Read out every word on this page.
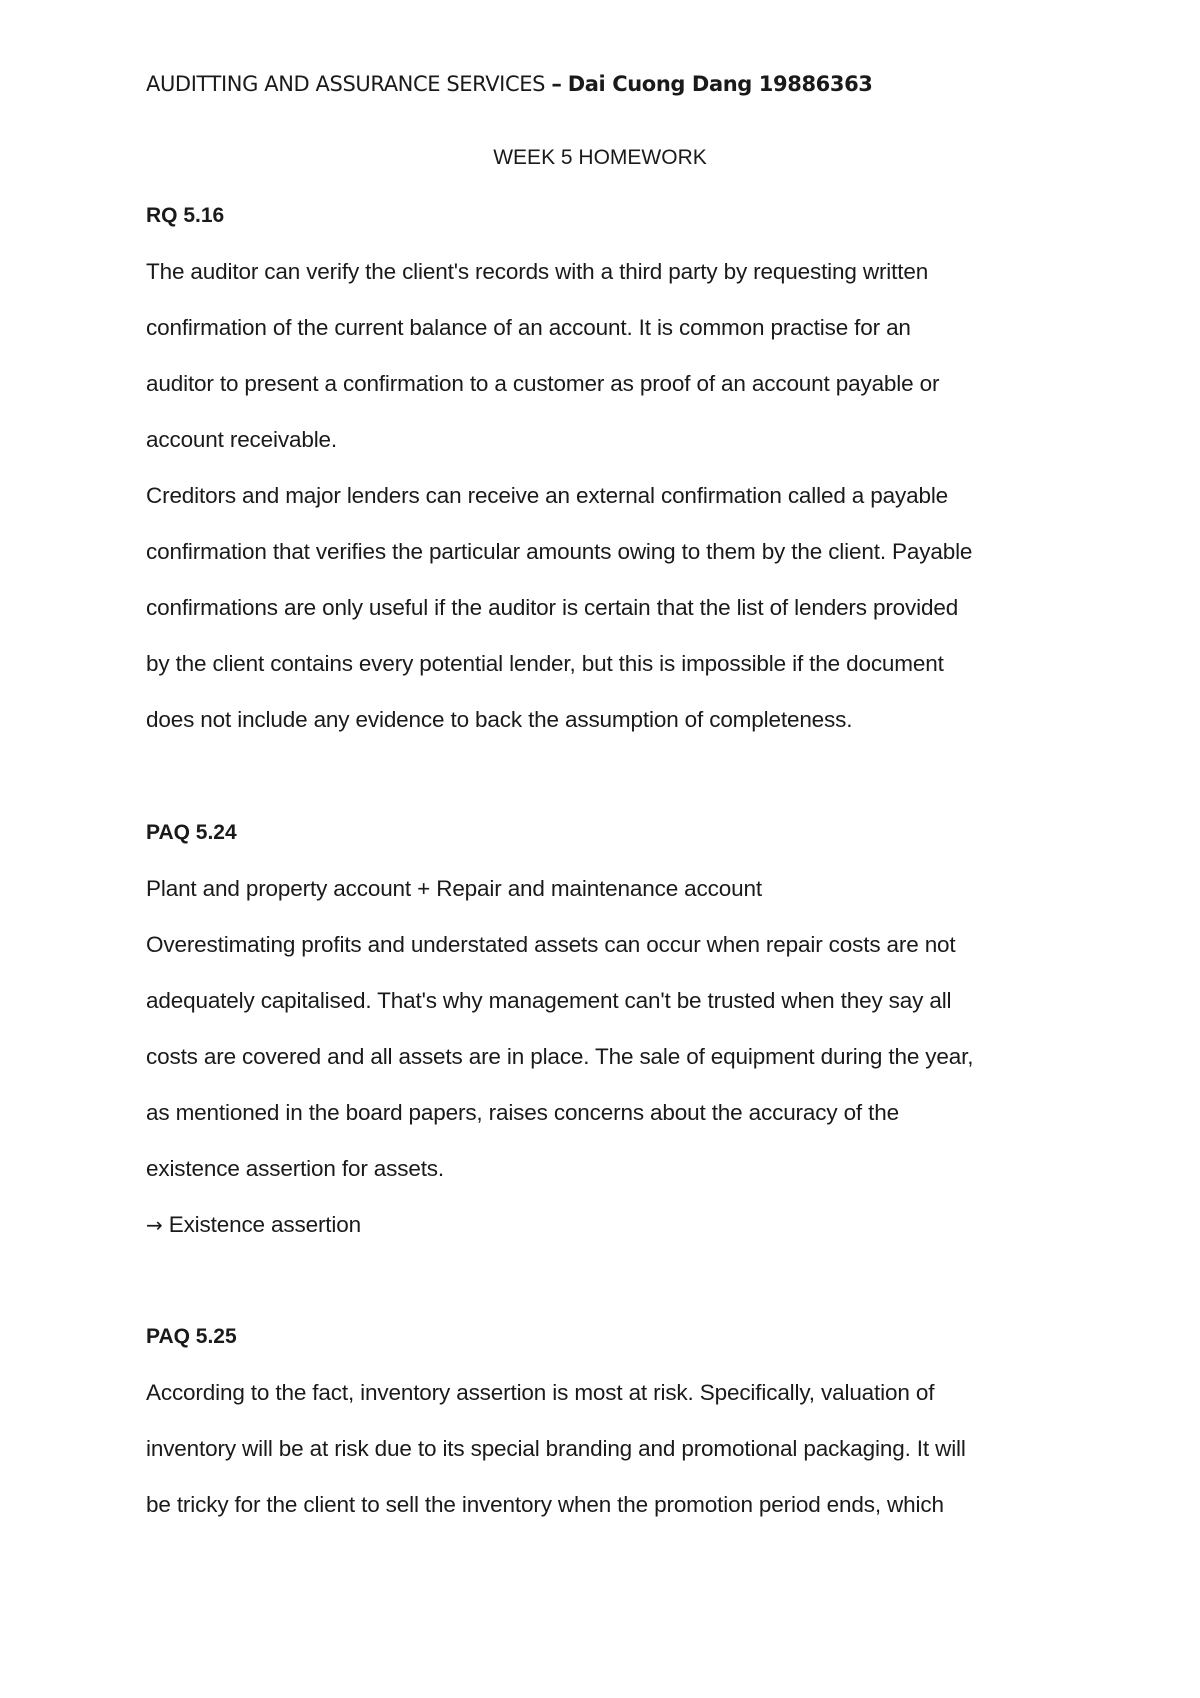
AUDITTING AND ASSURANCE SERVICES – Dai Cuong Dang 19886363
WEEK 5 HOMEWORK
RQ 5.16
The auditor can verify the client's records with a third party by requesting written
confirmation of the current balance of an account. It is common practise for an
auditor to present a confirmation to a customer as proof of an account payable or
account receivable.
Creditors and major lenders can receive an external confirmation called a payable
confirmation that verifies the particular amounts owing to them by the client. Payable
confirmations are only useful if the auditor is certain that the list of lenders provided
by the client contains every potential lender, but this is impossible if the document
does not include any evidence to back the assumption of completeness.
PAQ 5.24
Plant and property account + Repair and maintenance account
Overestimating profits and understated assets can occur when repair costs are not
adequately capitalised. That's why management can't be trusted when they say all
costs are covered and all assets are in place. The sale of equipment during the year,
as mentioned in the board papers, raises concerns about the accuracy of the
existence assertion for assets.
→ Existence assertion
PAQ 5.25
According to the fact, inventory assertion is most at risk. Specifically, valuation of
inventory will be at risk due to its special branding and promotional packaging. It will
be tricky for the client to sell the inventory when the promotion period ends, which
